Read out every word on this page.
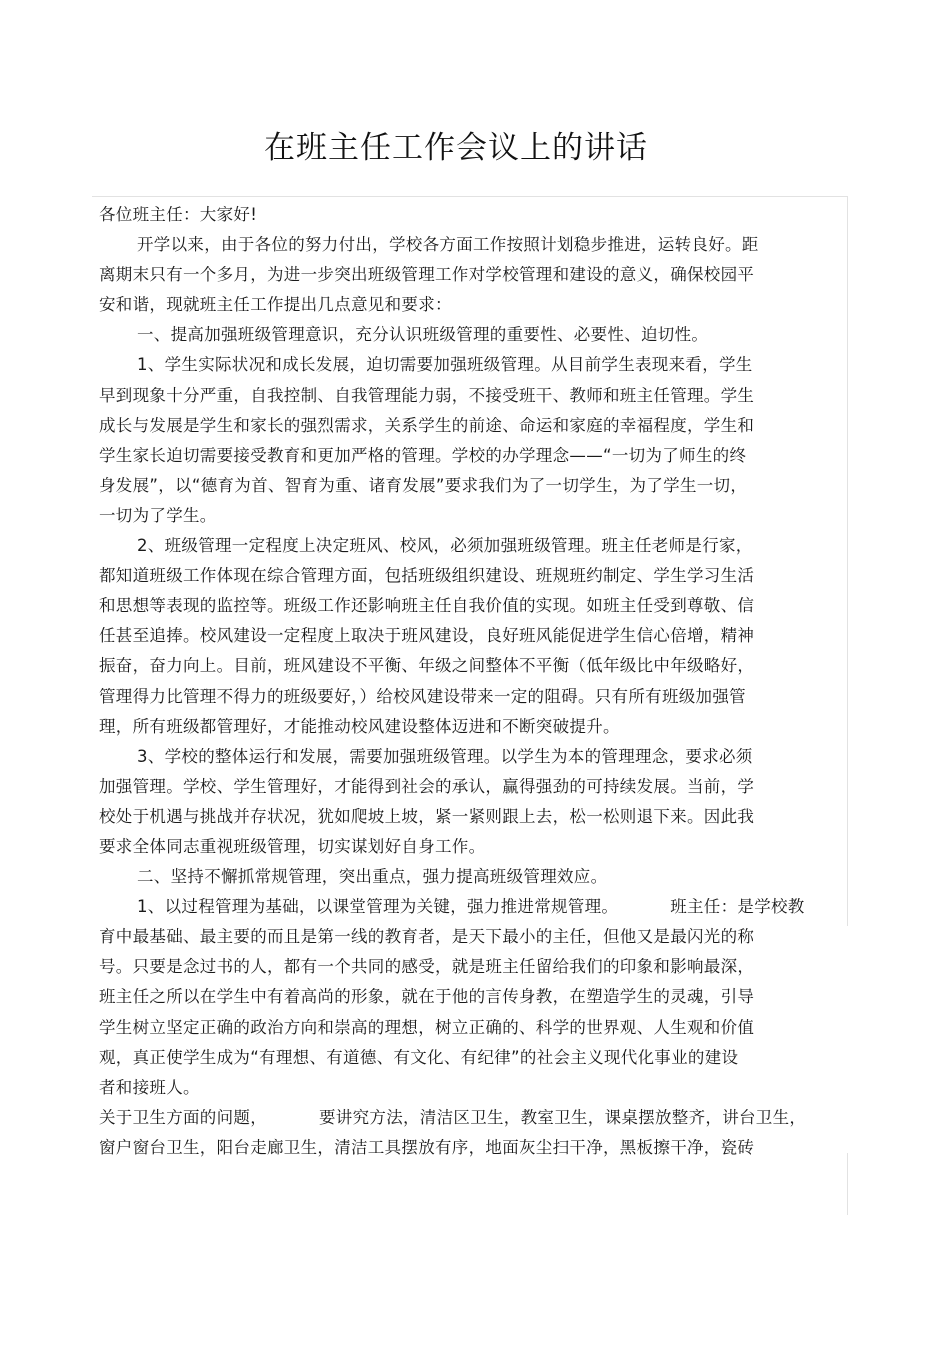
在班主任工作会议上的讲话
各位班主任：大家好!
开学以来，由于各位的努力付出，学校各方面工作按照计划稳步推进，运转良好。距
离期末只有一个多月，为进一步突出班级管理工作对学校管理和建设的意义，确保校园平
安和谐，现就班主任工作提出几点意见和要求：
一、提高加强班级管理意识，充分认识班级管理的重要性、必要性、迫切性。
1、学生实际状况和成长发展，迫切需要加强班级管理。从目前学生表现来看，学生
早到现象十分严重，自我控制、自我管理能力弱，不接受班干、教师和班主任管理。学生
成长与发展是学生和家长的强烈需求，关系学生的前途、命运和家庭的幸福程度，学生和
学生家长迫切需要接受教育和更加严格的管理。学校的办学理念——“一切为了师生的终
身发展”，以“德育为首、智育为重、诸育发展”要求我们为了一切学生，为了学生一切，
一切为了学生。
2、班级管理一定程度上决定班风、校风，必须加强班级管理。班主任老师是行家，
都知道班级工作体现在综合管理方面，包括班级组织建设、班规班约制定、学生学习生活
和思想等表现的监控等。班级工作还影响班主任自我价值的实现。如班主任受到尊敬、信
任甚至追捧。校风建设一定程度上取决于班风建设，良好班风能促进学生信心倍增，精神
振奋，奋力向上。目前，班风建设不平衡、年级之间整体不平衡（低年级比中年级略好，
管理得力比管理不得力的班级要好，）给校风建设带来一定的阻碍。只有所有班级加强管
理，所有班级都管理好，才能推动校风建设整体迈进和不断突破提升。
3、学校的整体运行和发展，需要加强班级管理。以学生为本的管理理念，要求必须
加强管理。学校、学生管理好，才能得到社会的承认，赢得强劲的可持续发展。当前，学
校处于机遇与挑战并存状况，犹如爬坡上坡，紧一紧则跟上去，松一松则退下来。因此我
要求全体同志重视班级管理，切实谋划好自身工作。
二、坚持不懈抓常规管理，突出重点，强力提高班级管理效应。
1、以过程管理为基础，以课堂管理为关键，强力推进常规管理。	班主任：是学校教
育中最基础、最主要的而且是第一线的教育者，是天下最小的主任，但他又是最闪光的称
号。只要是念过书的人，都有一个共同的感受，就是班主任留给我们的印象和影响最深，
班主任之所以在学生中有着高尚的形象，就在于他的言传身教，在塑造学生的灵魂，引导
学生树立坚定正确的政治方向和崇高的理想，树立正确的、科学的世界观、人生观和价值
观，真正使学生成为“有理想、有道德、有文化、有纪律”的社会主义现代化事业的建设
者和接班人。
关于卫生方面的问题，	要讲究方法，清洁区卫生，教室卫生，课桌摆放整齐，讲台卫生，
窗户窗台卫生，阳台走廊卫生，清洁工具摆放有序，地面灰尘扫干净，黑板擦干净，瓷砖
